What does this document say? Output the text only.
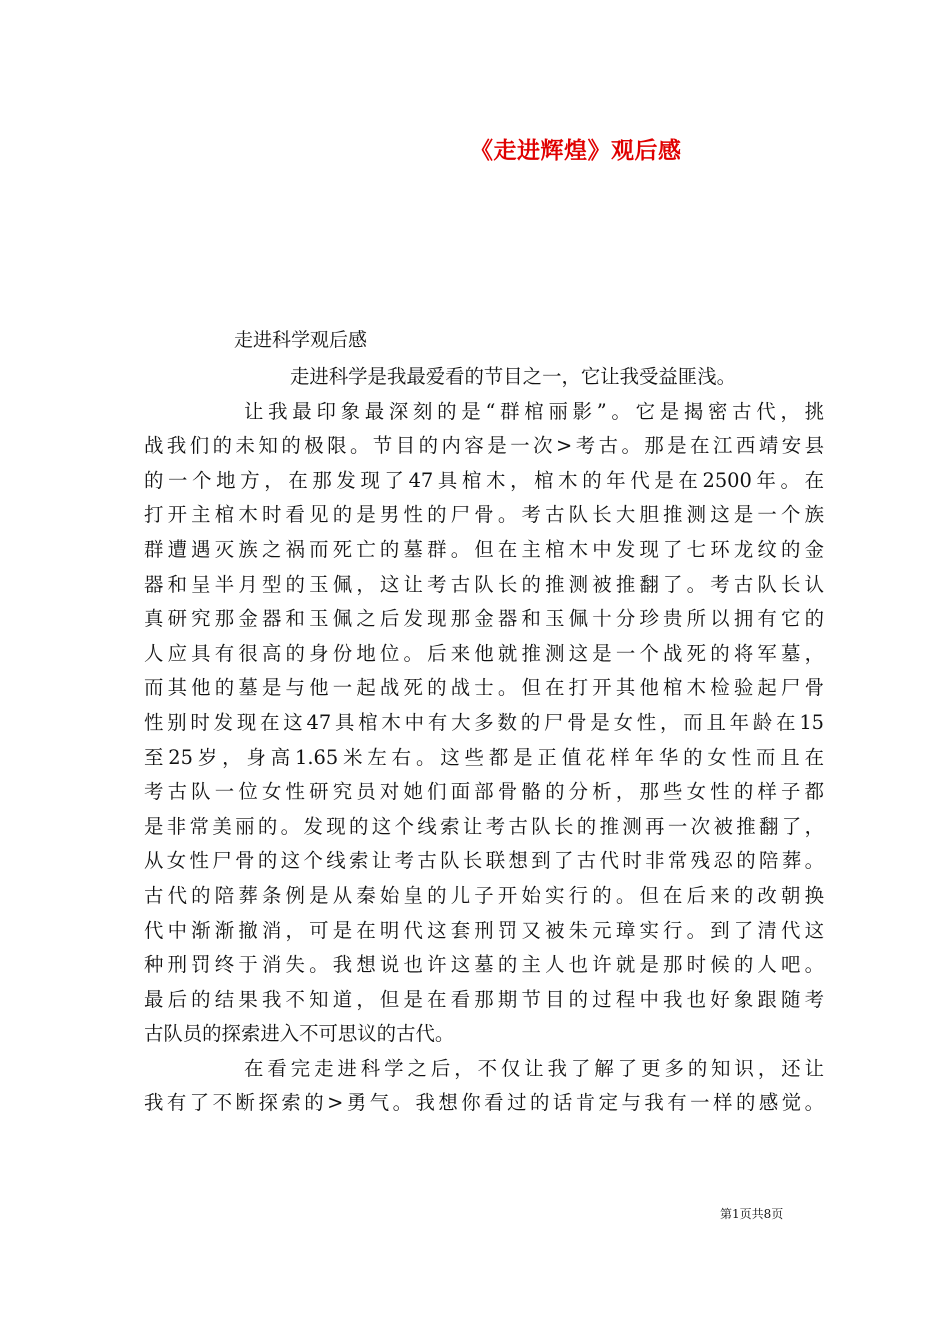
《走进辉煌》观后感
走进科学观后感
走进科学是我最爱看的节目之一，它让我受益匪浅。
让我最印象最深刻的是“群棺丽影”。它是揭密古代，挑
战我们的未知的极限。节目的内容是一次>考古。那是在江西靖安县
的一个地方，在那发现了47具棺木，棺木的年代是在2500年。在
打开主棺木时看见的是男性的尸骨。考古队长大胆推测这是一个族
群遭遇灭族之祸而死亡的墓群。但在主棺木中发现了七环龙纹的金
器和呈半月型的玉佩，这让考古队长的推测被推翻了。考古队长认
真研究那金器和玉佩之后发现那金器和玉佩十分珍贵所以拥有它的
人应具有很高的身份地位。后来他就推测这是一个战死的将军墓，
而其他的墓是与他一起战死的战士。但在打开其他棺木检验起尸骨
性别时发现在这47具棺木中有大多数的尸骨是女性，而且年龄在15
至25岁，身高1.65米左右。这些都是正值花样年华的女性而且在
考古队一位女性研究员对她们面部骨骼的分析，那些女性的样子都
是非常美丽的。发现的这个线索让考古队长的推测再一次被推翻了，
从女性尸骨的这个线索让考古队长联想到了古代时非常残忍的陪葬。
古代的陪葬条例是从秦始皇的儿子开始实行的。但在后来的改朝换
代中渐渐撤消，可是在明代这套刑罚又被朱元璋实行。到了清代这
种刑罚终于消失。我想说也许这墓的主人也许就是那时候的人吧。
最后的结果我不知道，但是在看那期节目的过程中我也好象跟随考
古队员的探索进入不可思议的古代。
在看完走进科学之后，不仅让我了解了更多的知识，还让
我有了不断探索的>勇气。我想你看过的话肯定与我有一样的感觉。
第1页共8页
